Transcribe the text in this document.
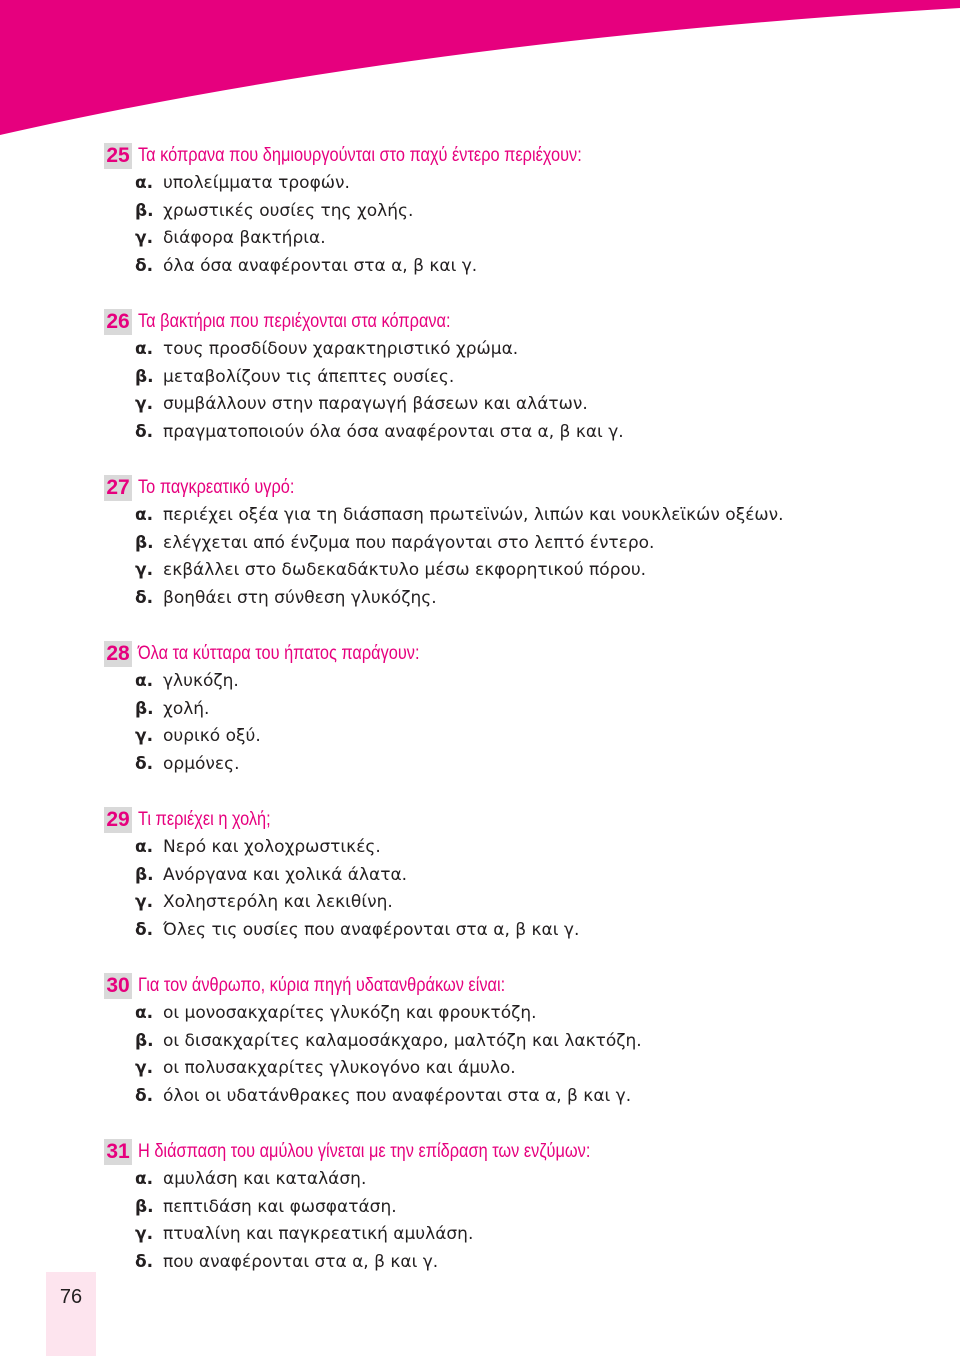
25 Τα κόπρανα που δημιουργούνται στο παχύ έντερο περιέχουν:
α. υπολείμματα τροφών.
β. χρωστικές ουσίες της χολής.
γ. διάφορα βακτήρια.
δ. όλα όσα αναφέρονται στα α, β και γ.
26 Τα βακτήρια που περιέχονται στα κόπρανα:
α. τους προσδίδουν χαρακτηριστικό χρώμα.
β. μεταβολίζουν τις άπεπτες ουσίες.
γ. συμβάλλουν στην παραγωγή βάσεων και αλάτων.
δ. πραγματοποιούν όλα όσα αναφέρονται στα α, β και γ.
27 Το παγκρεατικό υγρό:
α. περιέχει οξέα για τη διάσπαση πρωτεϊνών, λιπών και νουκλεϊκών οξέων.
β. ελέγχεται από ένζυμα που παράγονται στο λεπτό έντερο.
γ. εκβάλλει στο δωδεκαδάκτυλο μέσω εκφορητικού πόρου.
δ. βοηθάει στη σύνθεση γλυκόζης.
28 Όλα τα κύτταρα του ήπατος παράγουν:
α. γλυκόζη.
β. χολή.
γ. ουρικό οξύ.
δ. ορμόνες.
29 Τι περιέχει η χολή;
α. Νερό και χολοχρωστικές.
β. Ανόργανα και χολικά άλατα.
γ. Χοληστερόλη και λεκιθίνη.
δ. Όλες τις ουσίες που αναφέρονται στα α, β και γ.
30 Για τον άνθρωπο, κύρια πηγή υδατανθράκων είναι:
α. οι μονοσακχαρίτες γλυκόζη και φρουκτόζη.
β. οι δισακχαρίτες καλαμοσάκχαρο, μαλτόζη και λακτόζη.
γ. οι πολυσακχαρίτες γλυκογόνο και άμυλο.
δ. όλοι οι υδατάνθρακες που αναφέρονται στα α, β και γ.
31 Η διάσπαση του αμύλου γίνεται με την επίδραση των ενζύμων:
α. αμυλάση και καταλάση.
β. πεπτιδάση και φωσφατάση.
γ. πτυαλίνη και παγκρεατική αμυλάση.
δ. που αναφέρονται στα α, β και γ.
76
